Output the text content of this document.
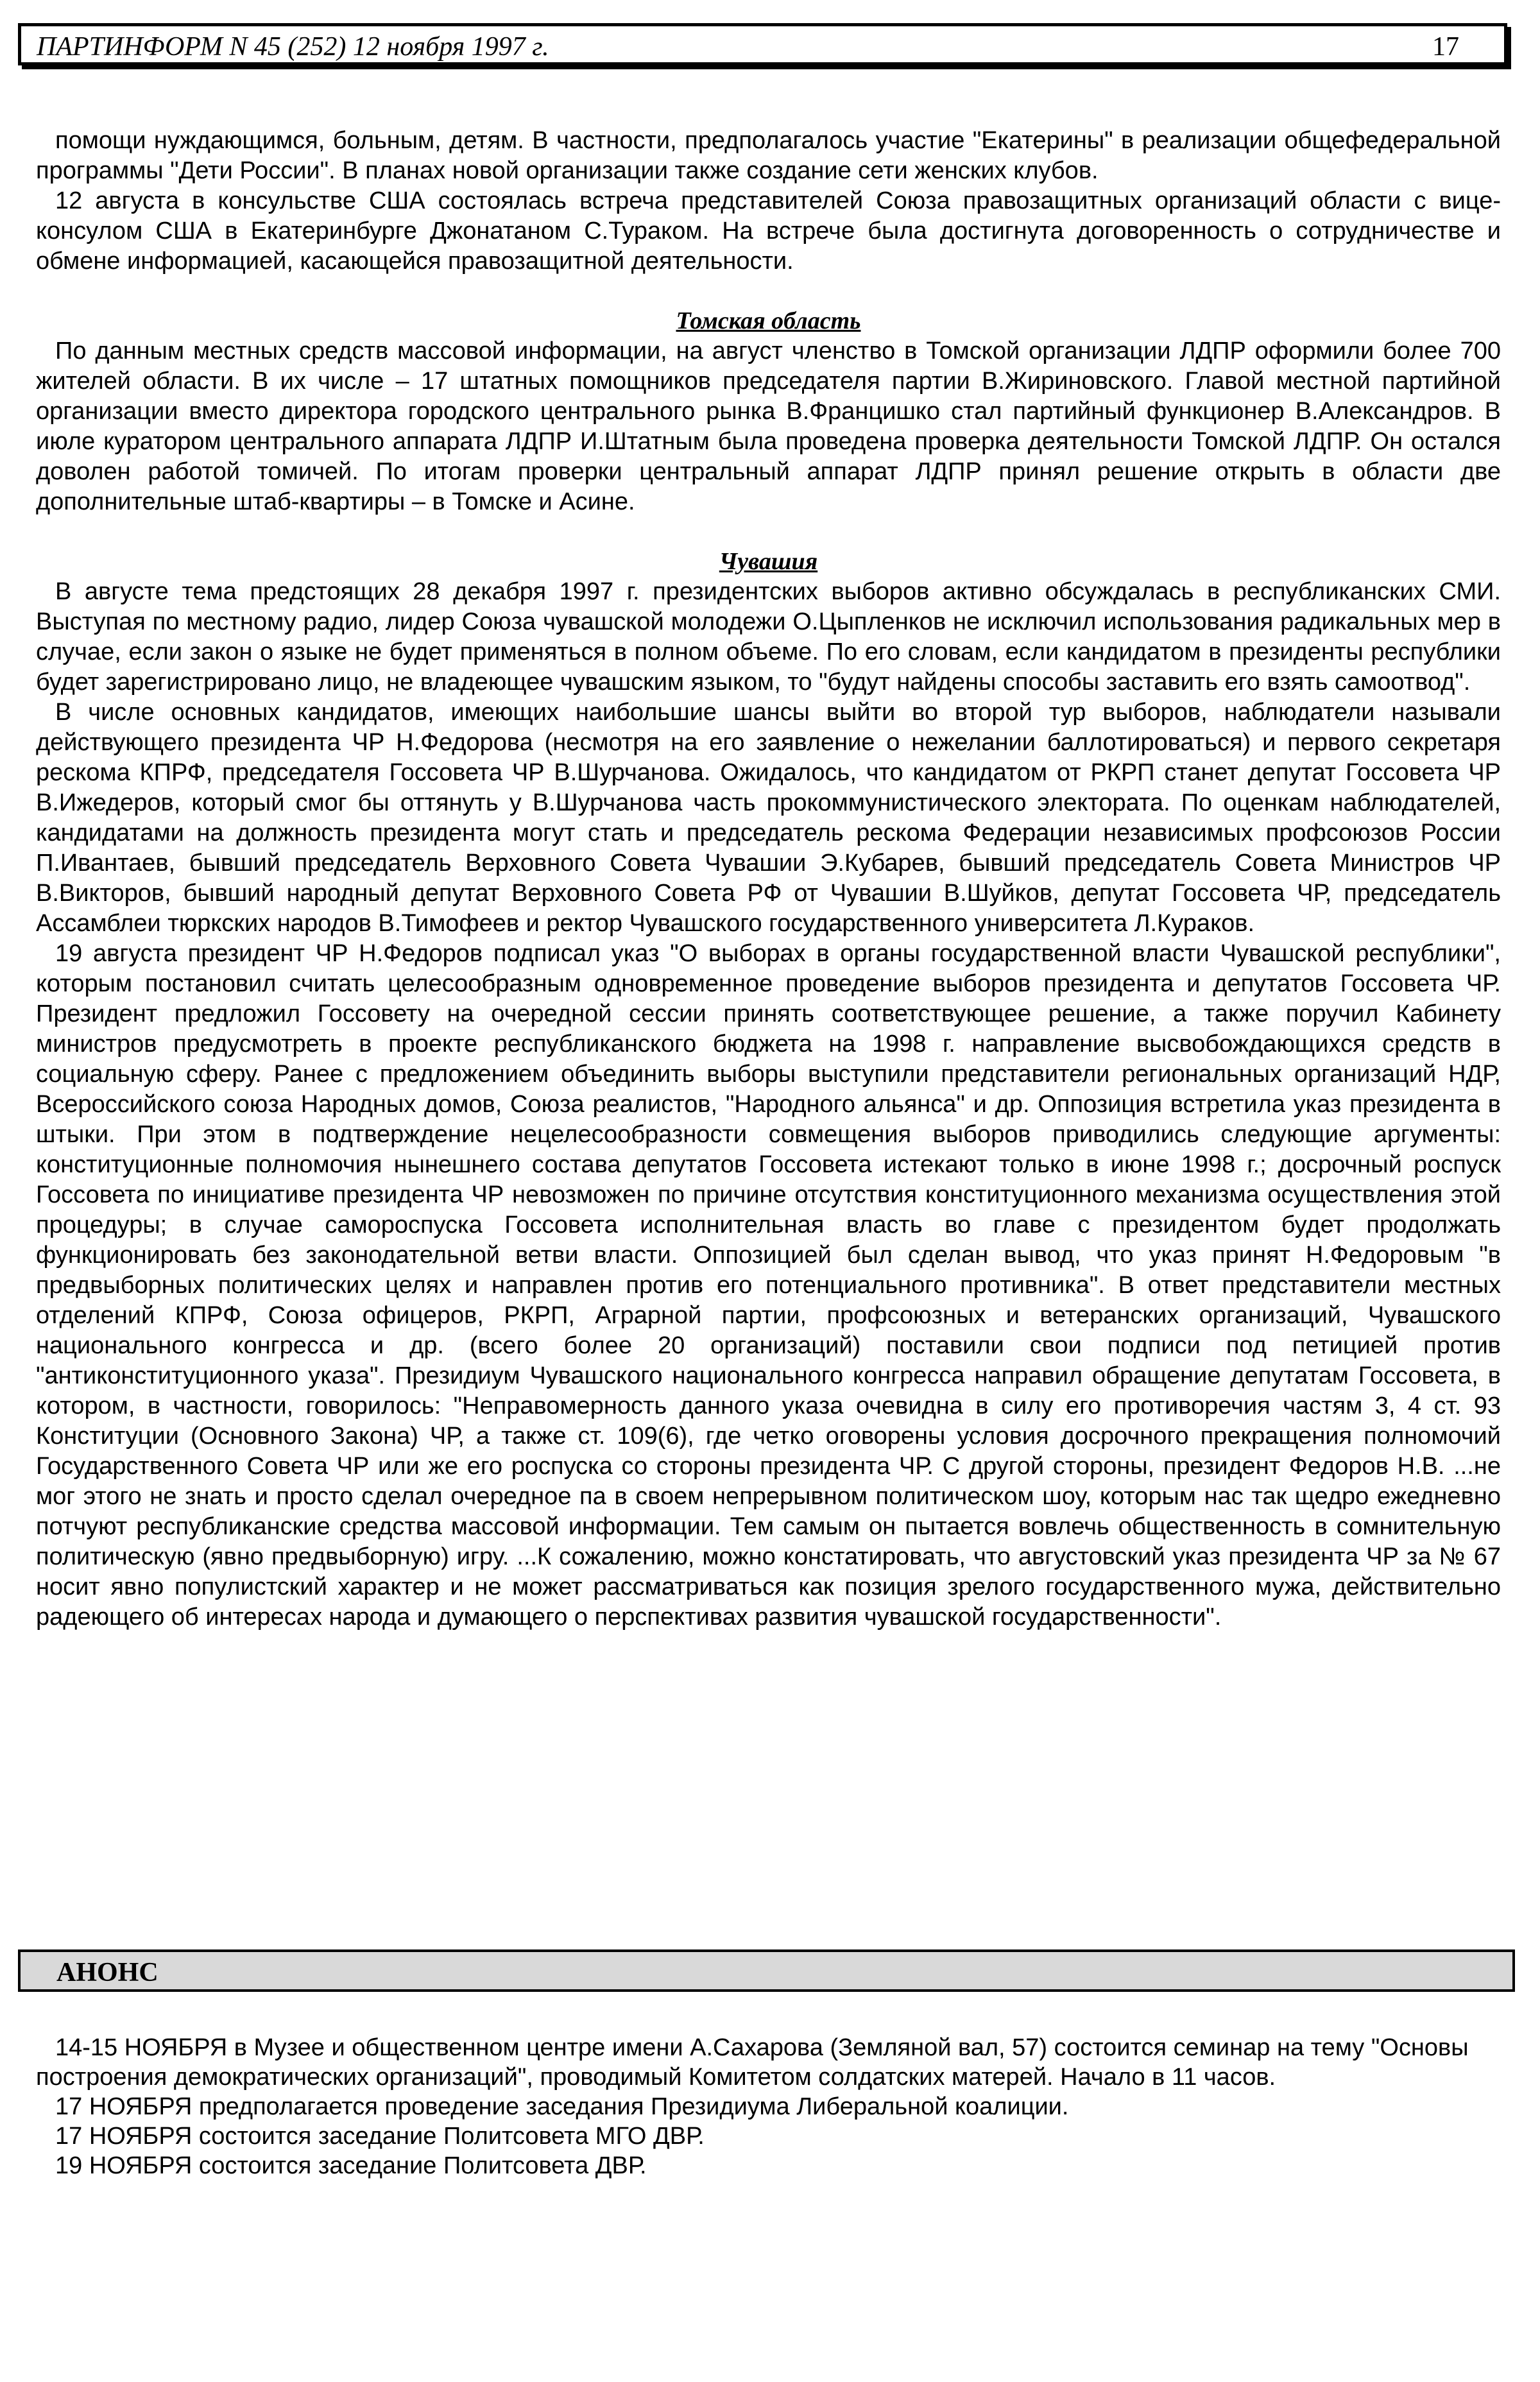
ПАРТИНФОРМ N 45 (252) 12 ноября 1997 г.	17

помощи нуждающимся, больным, детям. В частности, предполагалось участие "Екатерины" в реализации общефедеральной программы "Дети России". В планах новой организации также создание сети женских клубов.

12 августа в консульстве США состоялась встреча представителей Союза правозащитных организаций области с вице-консулом США в Екатеринбурге Джонатаном С.Тураком. На встрече была достигнута договоренность о сотрудничестве и обмене информацией, касающейся правозащитной деятельности.

Томская область

По данным местных средств массовой информации, на август членство в Томской организации ЛДПР оформили более 700 жителей области. В их числе – 17 штатных помощников председателя партии В.Жириновского. Главой местной партийной организации вместо директора городского центрального рынка В.Францишко стал партийный функционер В.Александров. В июле куратором центрального аппарата ЛДПР И.Штатным была проведена проверка деятельности Томской ЛДПР. Он остался доволен работой томичей. По итогам проверки центральный аппарат ЛДПР принял решение открыть в области две дополнительные штаб-квартиры – в Томске и Асине.

Чувашия

В августе тема предстоящих 28 декабря 1997 г. президентских выборов активно обсуждалась в республиканских СМИ. Выступая по местному радио, лидер Союза чувашской молодежи О.Цыпленков не исключил использования радикальных мер в случае, если закон о языке не будет применяться в полном объеме. По его словам, если кандидатом в президенты республики будет зарегистрировано лицо, не владеющее чувашским языком, то "будут найдены способы заставить его взять самоотвод".

В числе основных кандидатов, имеющих наибольшие шансы выйти во второй тур выборов, наблюдатели называли действующего президента ЧР Н.Федорова (несмотря на его заявление о нежелании баллотироваться) и первого секретаря рескома КПРФ, председателя Госсовета ЧР В.Шурчанова. Ожидалось, что кандидатом от РКРП станет депутат Госсовета ЧР В.Ижедеров, который смог бы оттянуть у В.Шурчанова часть прокоммунистического электората. По оценкам наблюдателей, кандидатами на должность президента могут стать и председатель рескома Федерации независимых профсоюзов России П.Ивантаев, бывший председатель Верховного Совета Чувашии Э.Кубарев, бывший председатель Совета Министров ЧР В.Викторов, бывший народный депутат Верховного Совета РФ от Чувашии В.Шуйков, депутат Госсовета ЧР, председатель Ассамблеи тюркских народов В.Тимофеев и ректор Чувашского государственного университета Л.Кураков.

19 августа президент ЧР Н.Федоров подписал указ "О выборах в органы государственной власти Чувашской республики", которым постановил считать целесообразным одновременное проведение выборов президента и депутатов Госсовета ЧР. Президент предложил Госсовету на очередной сессии принять соответствующее решение, а также поручил Кабинету министров предусмотреть в проекте республиканского бюджета на 1998 г. направление высвобождающихся средств в социальную сферу. Ранее с предложением объединить выборы выступили представители региональных организаций НДР, Всероссийского союза Народных домов, Союза реалистов, "Народного альянса" и др. Оппозиция встретила указ президента в штыки. При этом в подтверждение нецелесообразности совмещения выборов приводились следующие аргументы: конституционные полномочия нынешнего состава депутатов Госсовета истекают только в июне 1998 г.; досрочный роспуск Госсовета по инициативе президента ЧР невозможен по причине отсутствия конституционного механизма осуществления этой процедуры; в случае самороспуска Госсовета исполнительная власть во главе с президентом будет продолжать функционировать без законодательной ветви власти. Оппозицией был сделан вывод, что указ принят Н.Федоровым "в предвыборных политических целях и направлен против его потенциального противника". В ответ представители местных отделений КПРФ, Союза офицеров, РКРП, Аграрной партии, профсоюзных и ветеранских организаций, Чувашского национального конгресса и др. (всего более 20 организаций) поставили свои подписи под петицией против "антиконституционного указа". Президиум Чувашского национального конгресса направил обращение депутатам Госсовета, в котором, в частности, говорилось: "Неправомерность данного указа очевидна в силу его противоречия частям 3, 4 ст. 93 Конституции (Основного Закона) ЧР, а также ст. 109(6), где четко оговорены условия досрочного прекращения полномочий Государственного Совета ЧР или же его роспуска со стороны президента ЧР. С другой стороны, президент Федоров Н.В. ...не мог этого не знать и просто сделал очередное па в своем непрерывном политическом шоу, которым нас так щедро ежедневно потчуют республиканские средства массовой информации. Тем самым он пытается вовлечь общественность в сомнительную политическую (явно предвыборную) игру. ...К сожалению, можно констатировать, что августовский указ президента ЧР за № 67 носит явно популистский характер и не может рассматриваться как позиция зрелого государственного мужа, действительно радеющего об интересах народа и думающего о перспективах развития чувашской государственности".

АНОНС

14-15 НОЯБРЯ в Музее и общественном центре имени А.Сахарова (Земляной вал, 57) состоится семинар на тему "Основы построения демократических организаций", проводимый Комитетом солдатских матерей. Начало в 11 часов.

17 НОЯБРЯ предполагается проведение заседания Президиума Либеральной коалиции.

17 НОЯБРЯ состоится заседание Политсовета МГО ДВР.

19 НОЯБРЯ состоится заседание Политсовета ДВР.
